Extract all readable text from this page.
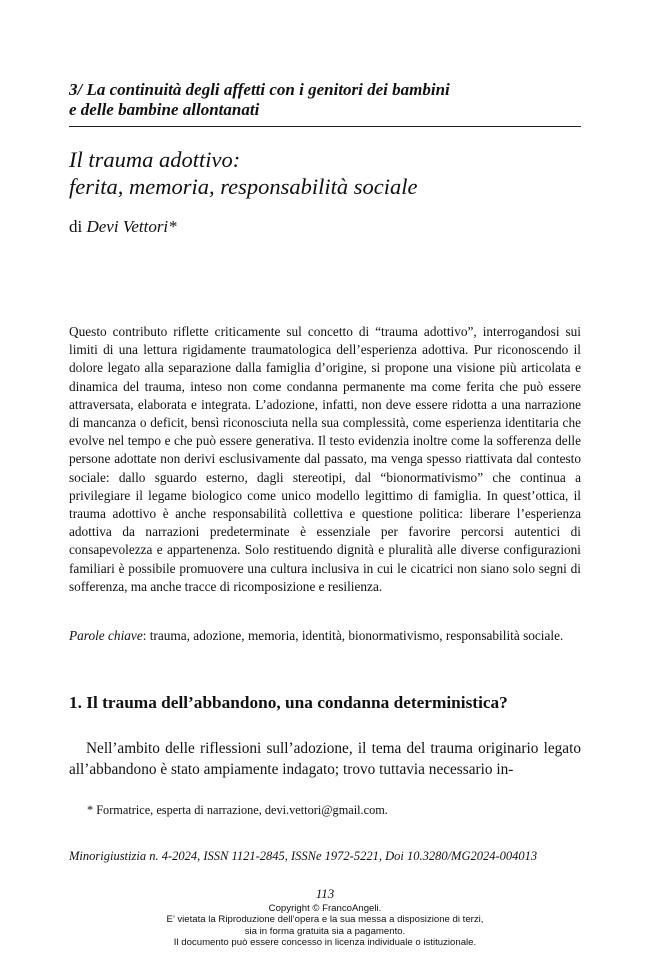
3/ La continuità degli affetti con i genitori dei bambini
e delle bambine allontanati
Il trauma adottivo:
ferita, memoria, responsabilità sociale
di Devi Vettori*
Questo contributo riflette criticamente sul concetto di “trauma adottivo”, interrogandosi sui limiti di una lettura rigidamente traumatologica dell’esperienza adottiva. Pur riconoscendo il dolore legato alla separazione dalla famiglia d’origine, si propone una visione più articolata e dinamica del trauma, inteso non come condanna permanente ma come ferita che può essere attraversata, elaborata e integrata. L’adozione, infatti, non deve essere ridotta a una narrazione di mancanza o deficit, bensì riconosciuta nella sua complessità, come esperienza identitaria che evolve nel tempo e che può essere generativa. Il testo evidenzia inoltre come la sofferenza delle persone adottate non derivi esclusivamente dal passato, ma venga spesso riattivata dal contesto sociale: dallo sguardo esterno, dagli stereotipi, dal “bionormativismo” che continua a privilegiare il legame biologico come unico modello legittimo di famiglia. In quest’ottica, il trauma adottivo è anche responsabilità collettiva e questione politica: liberare l’esperienza adottiva da narrazioni predeterminate è essenziale per favorire percorsi autentici di consapevolezza e appartenenza. Solo restituendo dignità e pluralità alle diverse configurazioni familiari è possibile promuovere una cultura inclusiva in cui le cicatrici non siano solo segni di sofferenza, ma anche tracce di ricomposizione e resilienza.
Parole chiave: trauma, adozione, memoria, identità, bionormativismo, responsabilità sociale.
1. Il trauma dell’abbandono, una condanna deterministica?
Nell’ambito delle riflessioni sull’adozione, il tema del trauma originario legato all’abbandono è stato ampiamente indagato; trovo tuttavia necessario in-
* Formatrice, esperta di narrazione, devi.vettori@gmail.com.
Minorigiustizia n. 4-2024, ISSN 1121-2845, ISSNe 1972-5221, Doi 10.3280/MG2024-004013
113
Copyright © FrancoAngeli.
E’ vietata la Riproduzione dell’opera e la sua messa a disposizione di terzi,
sia in forma gratuita sia a pagamento.
Il documento può essere concesso in licenza individuale o istituzionale.
